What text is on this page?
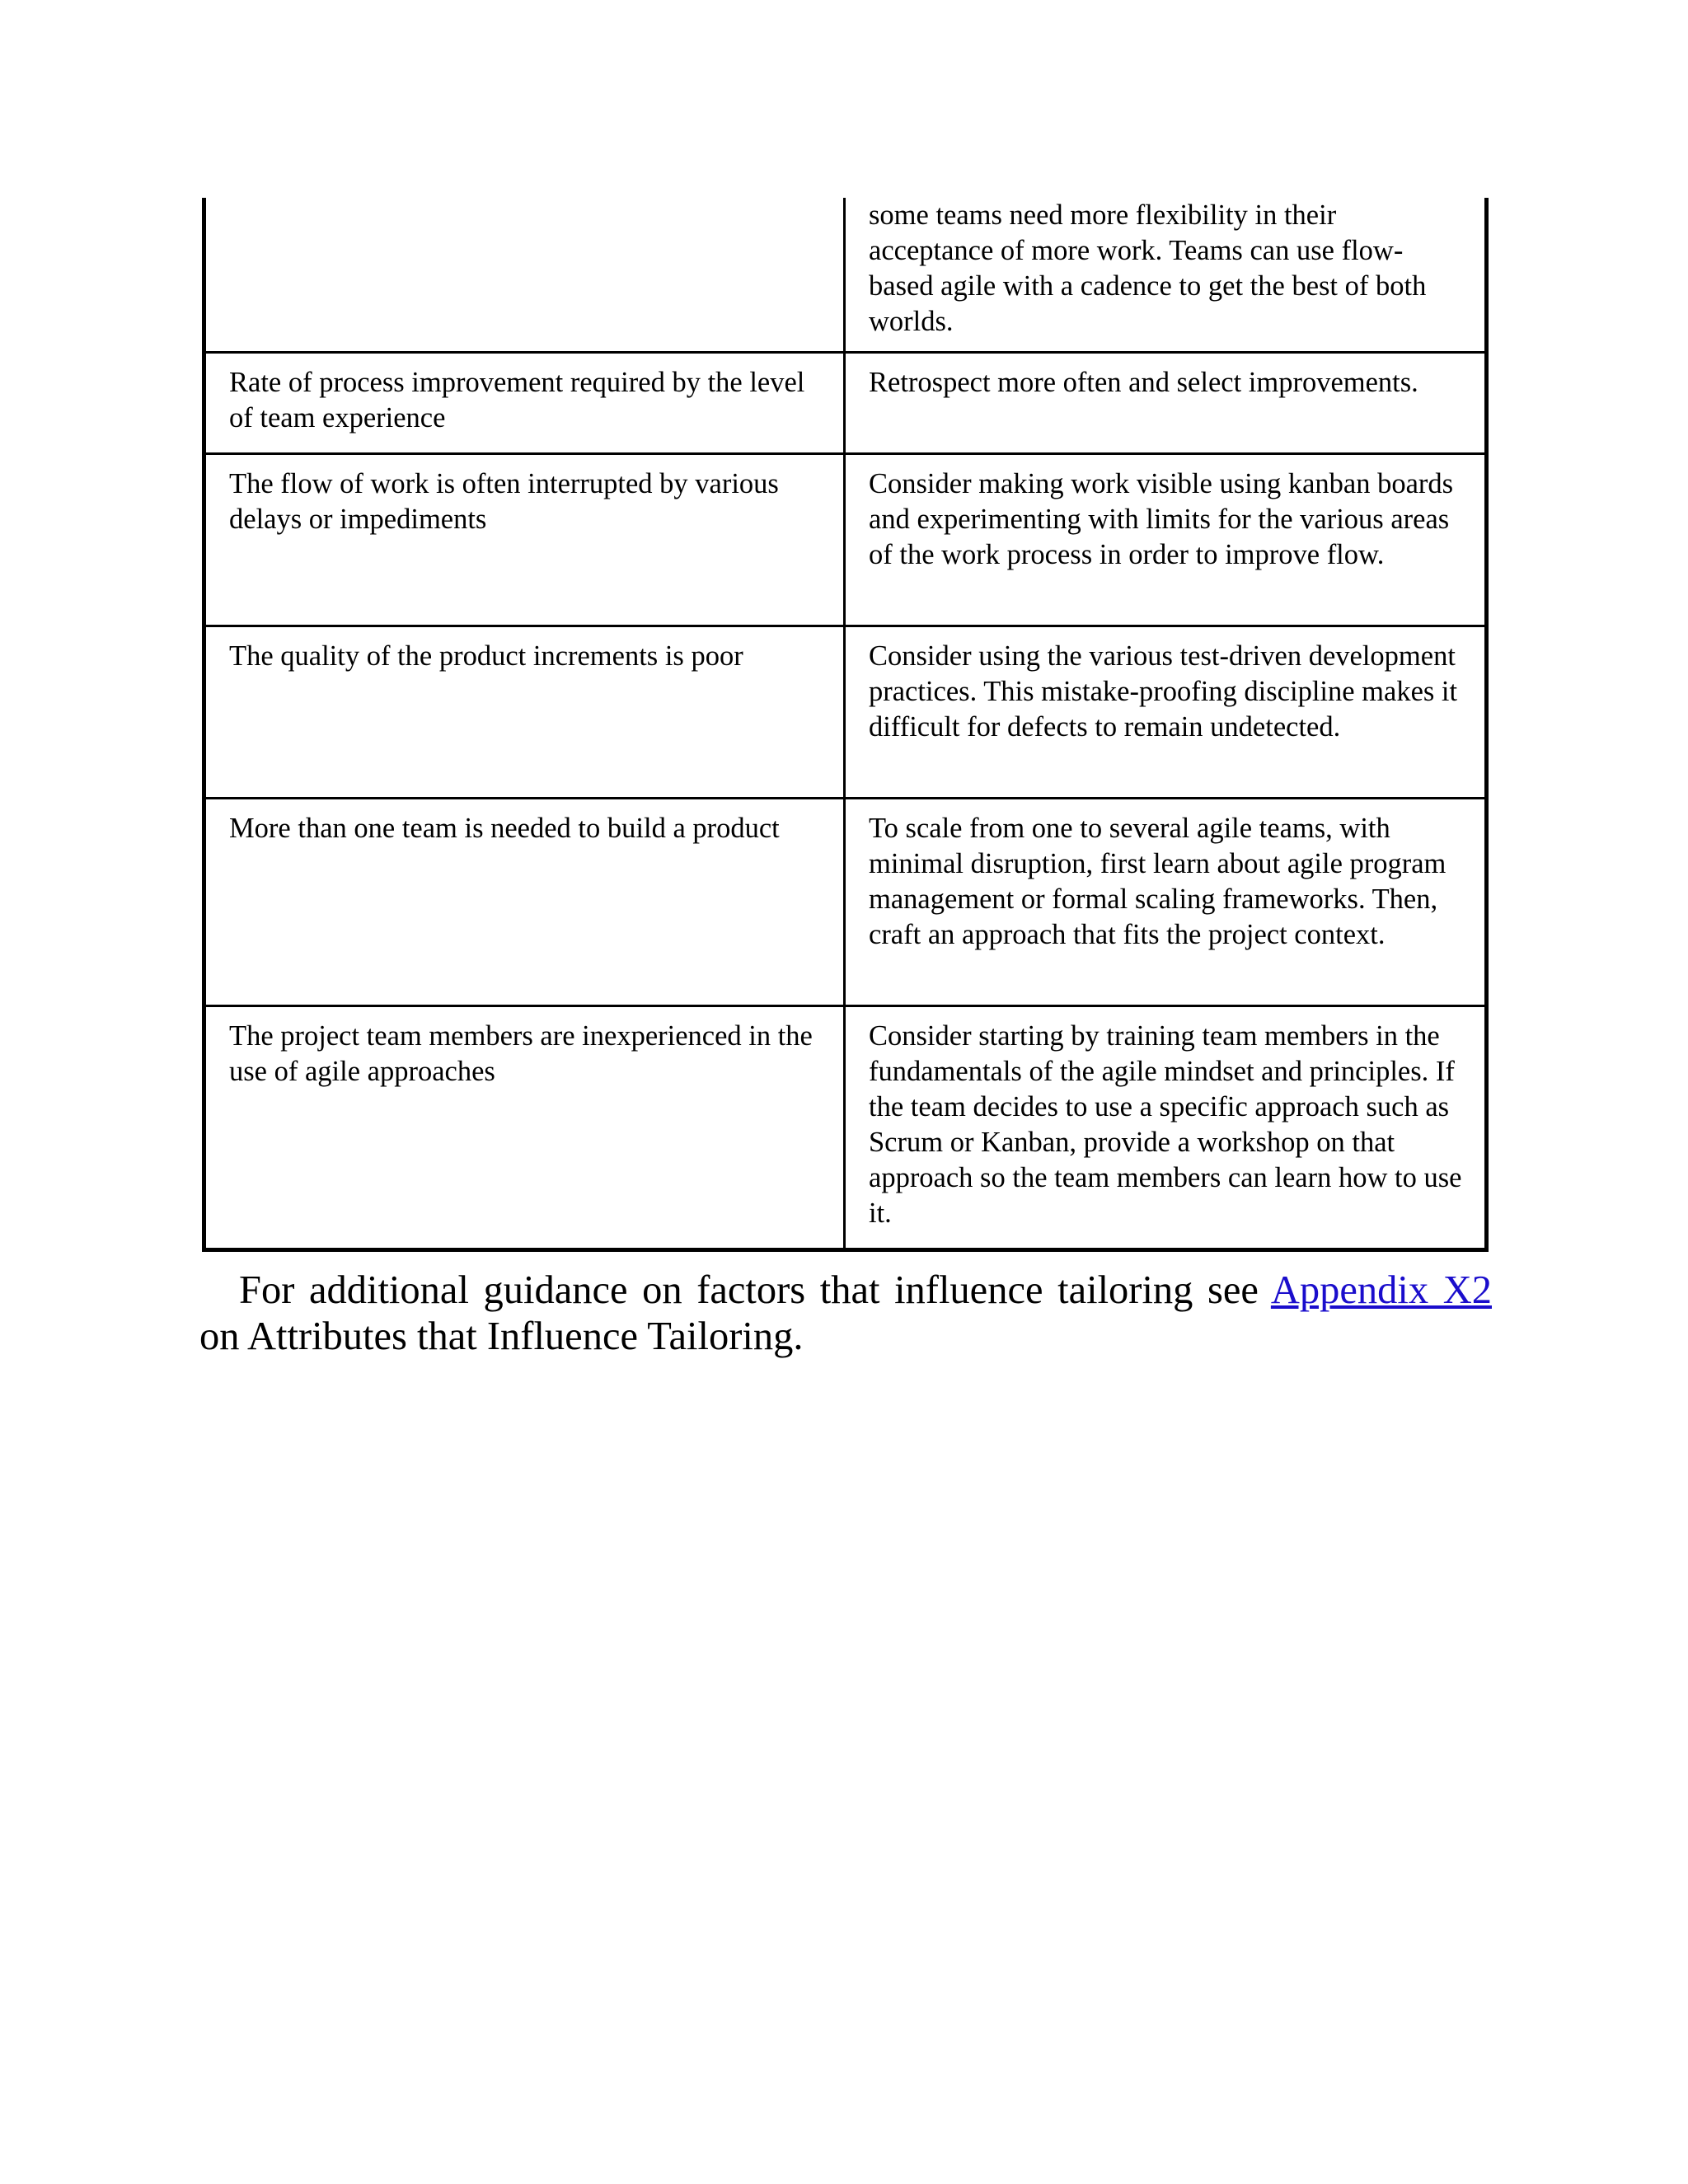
	some teams need more flexibility in their acceptance of more work. Teams can use flow-based agile with a cadence to get the best of both worlds.
Rate of process improvement required by the level of team experience	Retrospect more often and select improvements.
The flow of work is often interrupted by various delays or impediments	Consider making work visible using kanban boards and experimenting with limits for the various areas of the work process in order to improve flow.
The quality of the product increments is poor	Consider using the various test-driven development practices. This mistake-proofing discipline makes it difficult for defects to remain undetected.
More than one team is needed to build a product	To scale from one to several agile teams, with minimal disruption, first learn about agile program management or formal scaling frameworks. Then, craft an approach that fits the project context.
The project team members are inexperienced in the use of agile approaches	Consider starting by training team members in the fundamentals of the agile mindset and principles. If the team decides to use a specific approach such as Scrum or Kanban, provide a workshop on that approach so the team members can learn how to use it.

For additional guidance on factors that influence tailoring see Appendix X2 on Attributes that Influence Tailoring.
